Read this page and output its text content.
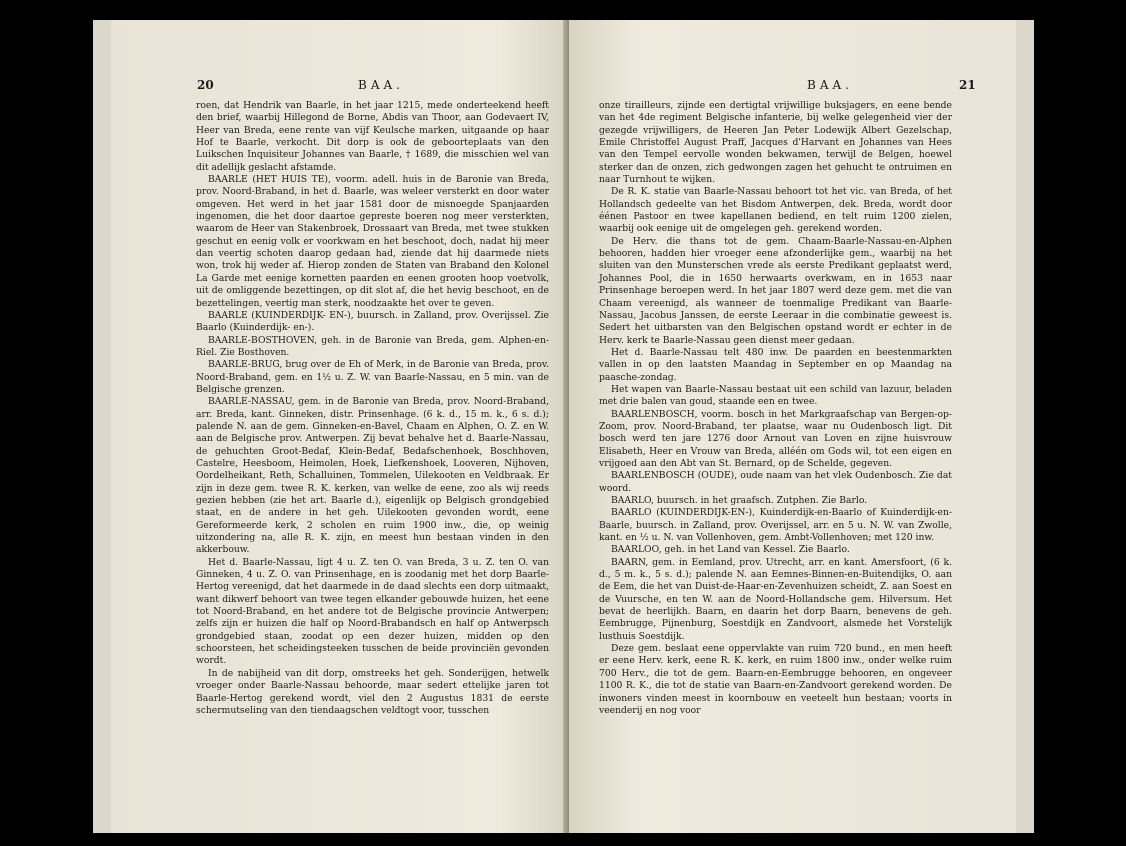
20	BAA.

roen, dat Hendrik van Baarle, in het jaar 1215, mede onderteekend heeft den brief, waarbij Hillegond de Borne, Abdis van Thoor, aan Godevaert IV, Heer van Breda, eene rente van vijf Keulsche marken, uitgaande op haar Hof te Baarle, verkocht. Dit dorp is ook de geboorteplaats van den Luikschen Inquisiteur Johannes van Baarle, † 1689, die misschien wel van dit adellijk geslacht afstamde.

BAARLE (HET HUIS TE), voorm. adell. huis in de Baronie van Breda, prov. Noord-Braband, in het d. Baarle, was weleer versterkt en door water omgeven. Het werd in het jaar 1581 door de misnoegde Spanjaarden ingenomen, die het door daartoe gepreste boeren nog meer versterkten, waarom de Heer van Stakenbroek, Drossaart van Breda, met twee stukken geschut en eenig volk er voorkwam en het beschoot, doch, nadat hij meer dan veertig schoten daarop gedaan had, ziende dat hij daarmede niets won, trok hij weder af. Hierop zonden de Staten van Braband den Kolonel La Garde met eenige kornetten paarden en eenen grooten hoop voetvolk, uit de omliggende bezettingen, op dit slot af, die het hevig beschoot, en de bezettelingen, veertig man sterk, noodzaakte het over te geven.

BAARLE (KUINDERDIJK- EN-), buursch. in Zalland, prov. Overijssel. Zie Baarlo (Kuinderdijk- en-).

BAARLE-BOSTHOVEN, geh. in de Baronie van Breda, gem. Alphen-en-Riel. Zie Bosthoven.

BAARLE-BRUG, brug over de Eh of Merk, in de Baronie van Breda, prov. Noord-Braband, gem. en 1½ u. Z. W. van Baarle-Nassau, en 5 min. van de Belgische grenzen.

BAARLE-NASSAU, gem. in de Baronie van Breda, prov. Noord-Braband, arr. Breda, kant. Ginneken, distr. Prinsenhage. (6 k. d., 15 m. k., 6 s. d.); palende N. aan de gem. Ginneken-en-Bavel, Chaam en Alphen, O. Z. en W. aan de Belgische prov. Antwerpen. Zij bevat behalve het d. Baarle-Nassau, de gehuchten Groot-Bedaf, Klein-Bedaf, Bedafschenhoek, Boschhoven, Castelre, Heesboom, Heimolen, Hoek, Liefkenshoek, Looveren, Nijhoven, Oordelheikant, Reth, Schalluinen, Tommelen, Uilekooten en Veldbraak. Er zijn in deze gem. twee R. K. kerken, van welke de eene, zoo als wij reeds gezien hebben (zie het art. Baarle d.), eigenlijk op Belgisch grondgebied staat, en de andere in het geh. Uilekooten gevonden wordt, eene Gereformeerde kerk, 2 scholen en ruim 1900 inw., die, op weinig uitzondering na, alle R. K. zijn, en meest hun bestaan vinden in den akkerbouw.

Het d. Baarle-Nassau, ligt 4 u. Z. ten O. van Breda, 3 u. Z. ten O. van Ginneken, 4 u. Z. O. van Prinsenhage, en is zoodanig met het dorp Baarle-Hertog vereenigd, dat het daarmede in de daad slechts een dorp uitmaakt, want dikwerf behoort van twee tegen elkander gebouwde huizen, het eene tot Noord-Braband, en het andere tot de Belgische provincie Antwerpen; zelfs zijn er huizen die half op Noord-Brabandsch en half op Antwerpsch grondgebied staan, zoodat op een dezer huizen, midden op den schoorsteen, het scheidingsteeken tusschen de beide provinciën gevonden wordt.

In de nabijheid van dit dorp, omstreeks het geh. Sonderijgen, hetwelk vroeger onder Baarle-Nassau behoorde, maar sedert ettelijke jaren tot Baarle-Hertog gerekend wordt, viel den 2 Augustus 1831 de eerste schermutseling van den tiendaagschen veldtogt voor, tusschen

BAA.	21

onze tirailleurs, zijnde een dertigtal vrijwillige buksjagers, en eene bende van het 4de regiment Belgische infanterie, bij welke gelegenheid vier der gezegde vrijwilligers, de Heeren Jan Peter Lodewijk Albert Gezelschap, Emile Christoffel August Praff, Jacques d'Harvant en Johannes van Hees van den Tempel eervolle wonden bekwamen, terwijl de Belgen, hoewel sterker dan de onzen, zich gedwongen zagen het gehucht te ontruimen en naar Turnhout te wijken.

De R. K. statie van Baarle-Nassau behoort tot het vic. van Breda, of het Hollandsch gedeelte van het Bisdom Antwerpen, dek. Breda, wordt door éénen Pastoor en twee kapellanen bediend, en telt ruim 1200 zielen, waarbij ook eenige uit de omgelegen geh. gerekend worden.

De Herv. die thans tot de gem. Chaam-Baarle-Nassau-en-Alphen behooren, hadden hier vroeger eene afzonderlijke gem., waarbij na het sluiten van den Munsterschen vrede als eerste Predikant geplaatst werd, Johannes Pool, die in 1650 herwaarts overkwam, en in 1653 naar Prinsenhage beroepen werd. In het jaar 1807 werd deze gem. met die van Chaam vereenigd, als wanneer de toenmalige Predikant van Baarle-Nassau, Jacobus Janssen, de eerste Leeraar in die combinatie geweest is. Sedert het uitbarsten van den Belgischen opstand wordt er echter in de Herv. kerk te Baarle-Nassau geen dienst meer gedaan.

Het d. Baarle-Nassau telt 480 inw. De paarden en beestenmarkten vallen in op den laatsten Maandag in September en op Maandag na paasche-zondag.

Het wapen van Baarle-Nassau bestaat uit een schild van lazuur, beladen met drie balen van goud, staande een en twee.

BAARLENBOSCH, voorm. bosch in het Markgraafschap van Bergen-op-Zoom, prov. Noord-Braband, ter plaatse, waar nu Oudenbosch ligt. Dit bosch werd ten jare 1276 door Arnout van Loven en zijne huisvrouw Elisabeth, Heer en Vrouw van Breda, alléén om Gods wil, tot een eigen en vrijgoed aan den Abt van St. Bernard, op de Schelde, gegeven.

BAARLENBOSCH (OUDE), oude naam van het vlek Oudenbosch. Zie dat woord.

BAARLO, buursch. in het graafsch. Zutphen. Zie Barlo.

BAARLO (KUINDERDIJK-EN-), Kuinderdijk-en-Baarlo of Kuinderdijk-en-Baarle, buursch. in Zalland, prov. Overijssel, arr. en 5 u. N. W. van Zwolle, kant. en ½ u. N. van Vollenhoven, gem. Ambt-Vollenhoven; met 120 inw.

BAARLOO, geh. in het Land van Kessel. Zie Baarlo.

BAARN, gem. in Eemland, prov. Utrecht, arr. en kant. Amersfoort, (6 k. d., 5 m. k., 5 s. d.); palende N. aan Eemnes-Binnen-en-Buitendijks, O. aan de Eem, die het van Duist-de-Haar-en-Zevenhuizen scheidt, Z. aan Soest en de Vuursche, en ten W. aan de Noord-Hollandsche gem. Hilversum. Het bevat de heerlijkh. Baarn, en daarin het dorp Baarn, benevens de geh. Eembrugge, Pijnenburg, Soestdijk en Zandvoort, alsmede het Vorstelijk lusthuis Soestdijk.

Deze gem. beslaat eene oppervlakte van ruim 720 bund., en men heeft er eene Herv. kerk, eene R. K. kerk, en ruim 1800 inw., onder welke ruim 700 Herv., die tot de gem. Baarn-en-Eembrugge behooren, en ongeveer 1100 R. K., die tot de statie van Baarn-en-Zandvoort gerekend worden. De inwoners vinden meest in koornbouw en veeteelt hun bestaan; voorts in veenderij en nog voor
